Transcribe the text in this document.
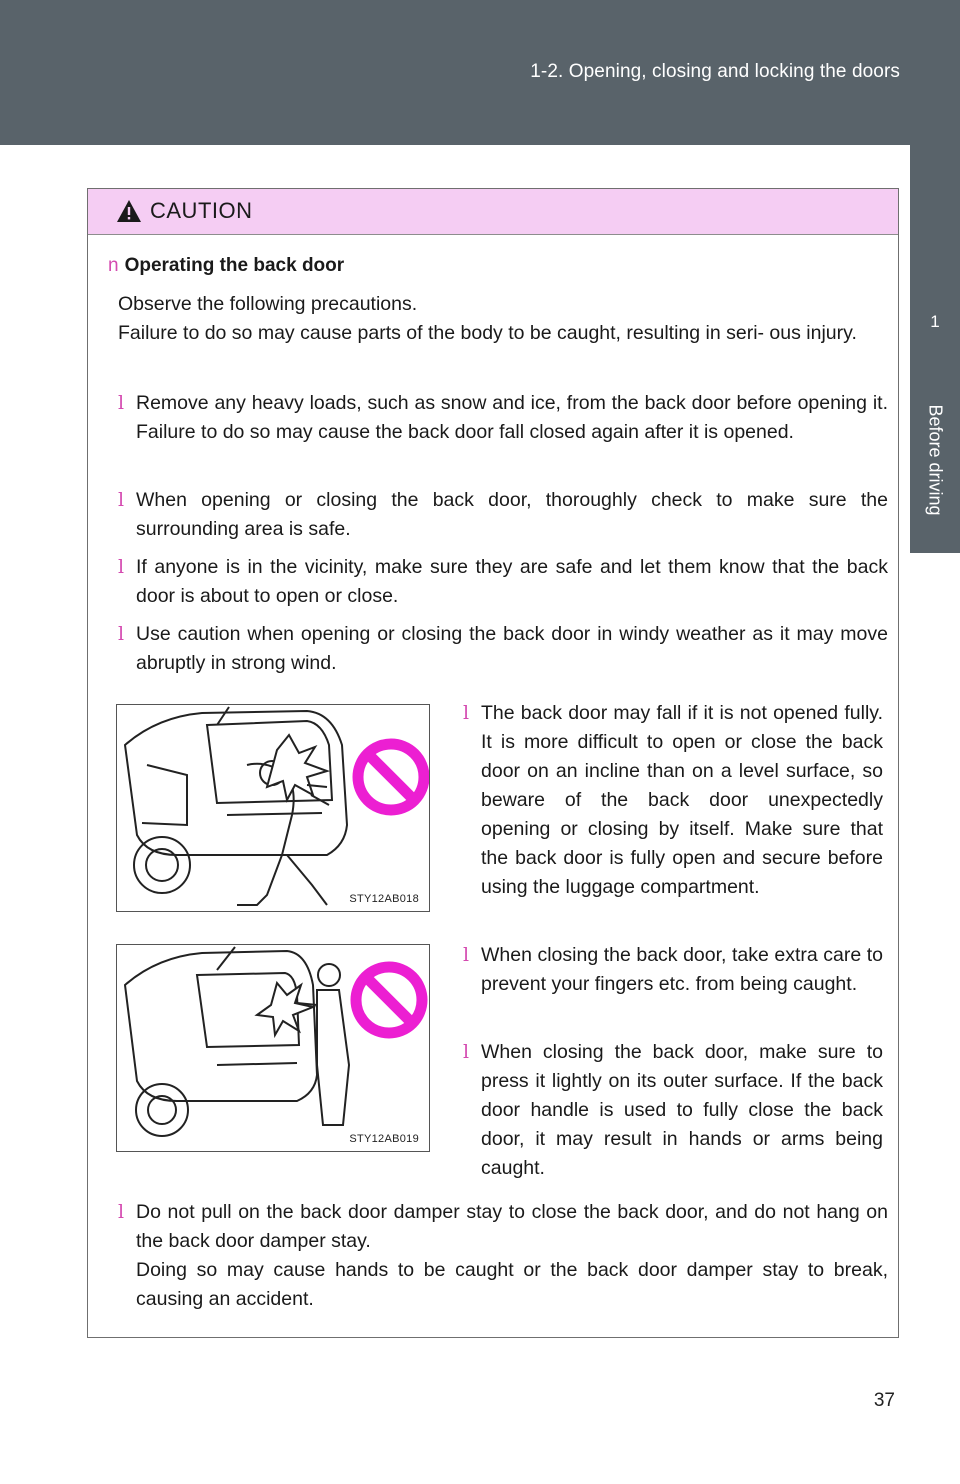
1-2. Opening, closing and locking the doors
1
Before driving
CAUTION
n Operating the back door
Observe the following precautions.
Failure to do so may cause parts of the body to be caught, resulting in seri- ous injury.
l Remove any heavy loads, such as snow and ice, from the back door before opening it. Failure to do so may cause the back door fall closed again after it is opened.
l When opening or closing the back door, thoroughly check to make sure the surrounding area is safe.
l If anyone is in the vicinity, make sure they are safe and let them know that the back door is about to open or close.
l Use caution when opening or closing the back door in windy weather as it may move abruptly in strong wind.
STY12AB018
STY12AB019
l The back door may fall if it is not opened fully. It is more difficult to open or close the back door on an incline than on a level surface, so beware of the back door unexpectedly opening or closing by itself. Make sure that the back door is fully open and secure before using the luggage compartment.
l When closing the back door, take extra care to prevent your fingers etc. from being caught.
l When closing the back door, make sure to press it lightly on its outer surface. If the back door handle is used to fully close the back door, it may result in hands or arms being caught.
l Do not pull on the back door damper stay to close the back door, and do not hang on the back door damper stay.
Doing so may cause hands to be caught or the back door damper stay to break, causing an accident.
37
